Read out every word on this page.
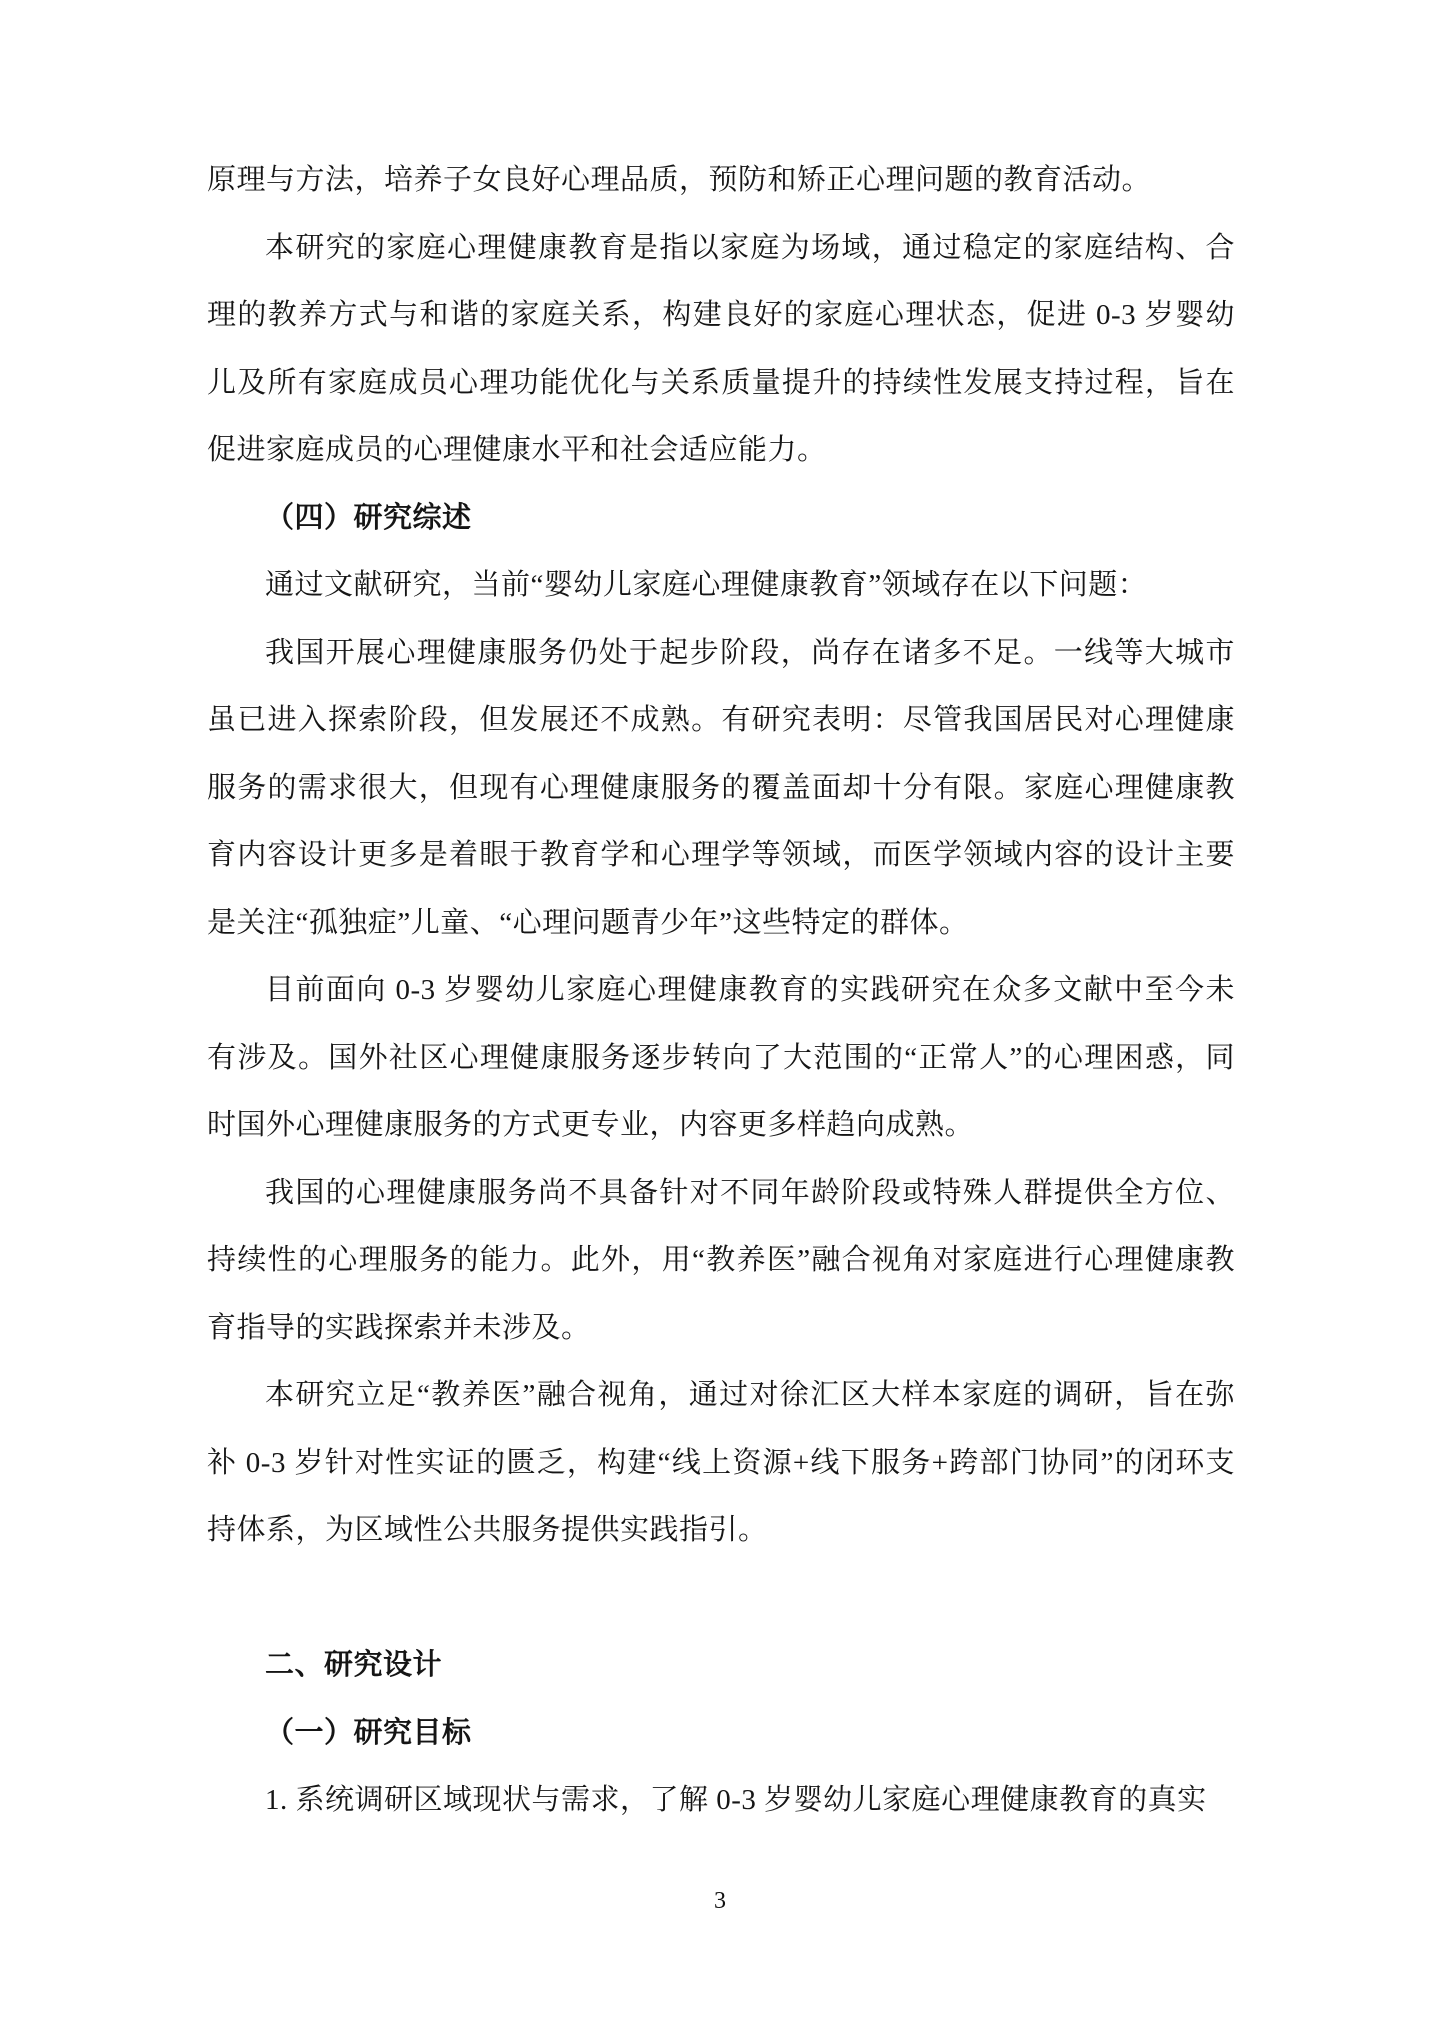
原理与方法，培养子女良好心理品质，预防和矫正心理问题的教育活动。

本研究的家庭心理健康教育是指以家庭为场域，通过稳定的家庭结构、合理的教养方式与和谐的家庭关系，构建良好的家庭心理状态，促进 0-3 岁婴幼儿及所有家庭成员心理功能优化与关系质量提升的持续性发展支持过程，旨在促进家庭成员的心理健康水平和社会适应能力。

（四）研究综述

通过文献研究，当前“婴幼儿家庭心理健康教育”领域存在以下问题：

我国开展心理健康服务仍处于起步阶段，尚存在诸多不足。一线等大城市虽已进入探索阶段，但发展还不成熟。有研究表明：尽管我国居民对心理健康服务的需求很大，但现有心理健康服务的覆盖面却十分有限。家庭心理健康教育内容设计更多是着眼于教育学和心理学等领域，而医学领域内容的设计主要是关注“孤独症”儿童、“心理问题青少年”这些特定的群体。

目前面向 0-3 岁婴幼儿家庭心理健康教育的实践研究在众多文献中至今未有涉及。国外社区心理健康服务逐步转向了大范围的“正常人”的心理困惑，同时国外心理健康服务的方式更专业，内容更多样趋向成熟。

我国的心理健康服务尚不具备针对不同年龄阶段或特殊人群提供全方位、持续性的心理服务的能力。此外，用“教养医”融合视角对家庭进行心理健康教育指导的实践探索并未涉及。

本研究立足“教养医”融合视角，通过对徐汇区大样本家庭的调研，旨在弥补 0-3 岁针对性实证的匮乏，构建“线上资源+线下服务+跨部门协同”的闭环支持体系，为区域性公共服务提供实践指引。

二、研究设计

（一）研究目标

1. 系统调研区域现状与需求，了解 0-3 岁婴幼儿家庭心理健康教育的真实

3
